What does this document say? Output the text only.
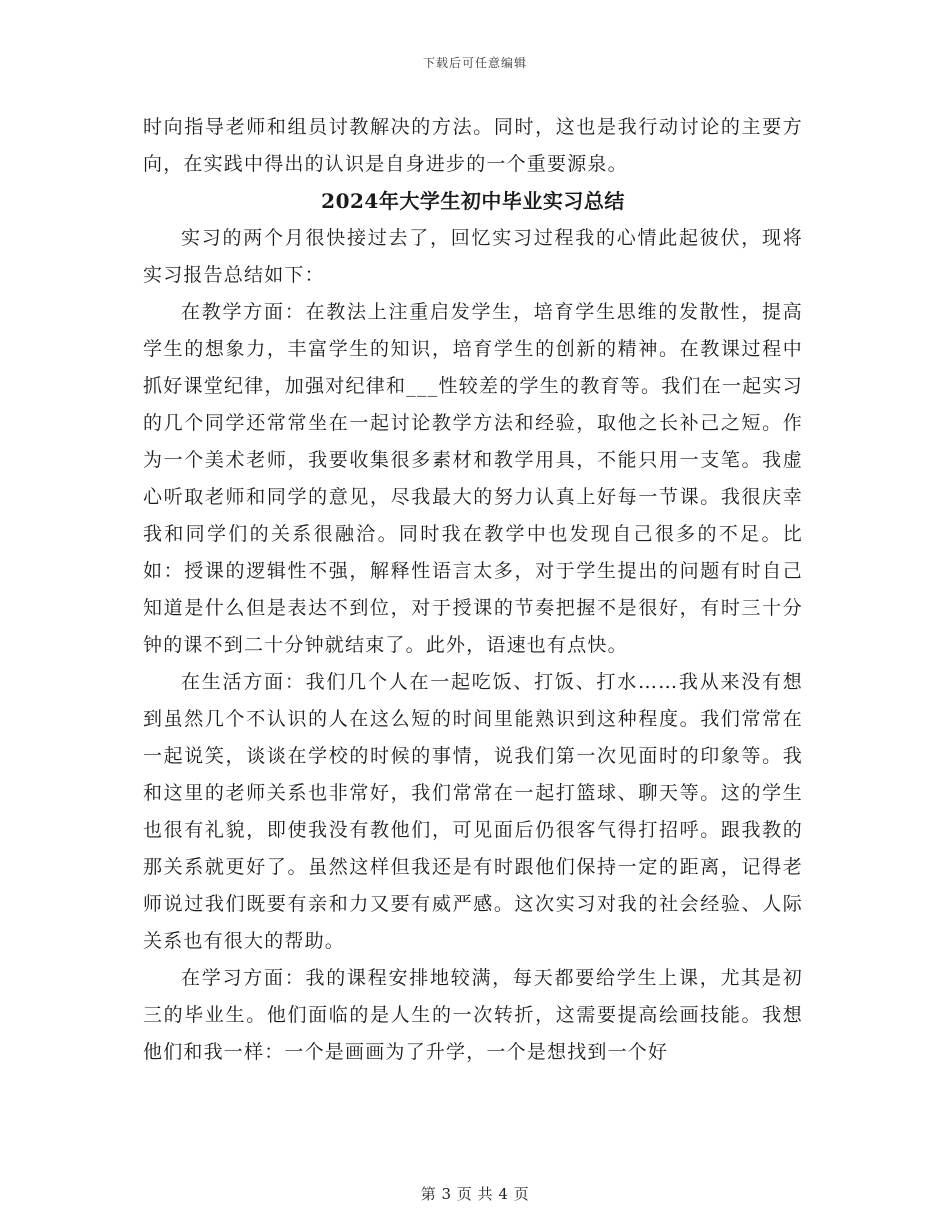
下载后可任意编辑

时向指导老师和组员讨教解决的方法。同时，这也是我行动讨论的主要方向，在实践中得出的认识是自身进步的一个重要源泉。

2024年大学生初中毕业实习总结

实习的两个月很快接过去了，回忆实习过程我的心情此起彼伏，现将实习报告总结如下：

在教学方面：在教法上注重启发学生，培育学生思维的发散性，提高学生的想象力，丰富学生的知识，培育学生的创新的精神。在教课过程中抓好课堂纪律，加强对纪律和___性较差的学生的教育等。我们在一起实习的几个同学还常常坐在一起讨论教学方法和经验，取他之长补己之短。作为一个美术老师，我要收集很多素材和教学用具，不能只用一支笔。我虚心听取老师和同学的意见，尽我最大的努力认真上好每一节课。我很庆幸我和同学们的关系很融洽。同时我在教学中也发现自己很多的不足。比如：授课的逻辑性不强，解释性语言太多，对于学生提出的问题有时自己知道是什么但是表达不到位，对于授课的节奏把握不是很好，有时三十分钟的课不到二十分钟就结束了。此外，语速也有点快。

在生活方面：我们几个人在一起吃饭、打饭、打水……我从来没有想到虽然几个不认识的人在这么短的时间里能熟识到这种程度。我们常常在一起说笑，谈谈在学校的时候的事情，说我们第一次见面时的印象等。我和这里的老师关系也非常好，我们常常在一起打篮球、聊天等。这的学生也很有礼貌，即使我没有教他们，可见面后仍很客气得打招呼。跟我教的那关系就更好了。虽然这样但我还是有时跟他们保持一定的距离，记得老师说过我们既要有亲和力又要有威严感。这次实习对我的社会经验、人际关系也有很大的帮助。

在学习方面：我的课程安排地较满，每天都要给学生上课，尤其是初三的毕业生。他们面临的是人生的一次转折，这需要提高绘画技能。我想他们和我一样：一个是画画为了升学，一个是想找到一个好

第 3 页 共 4 页
